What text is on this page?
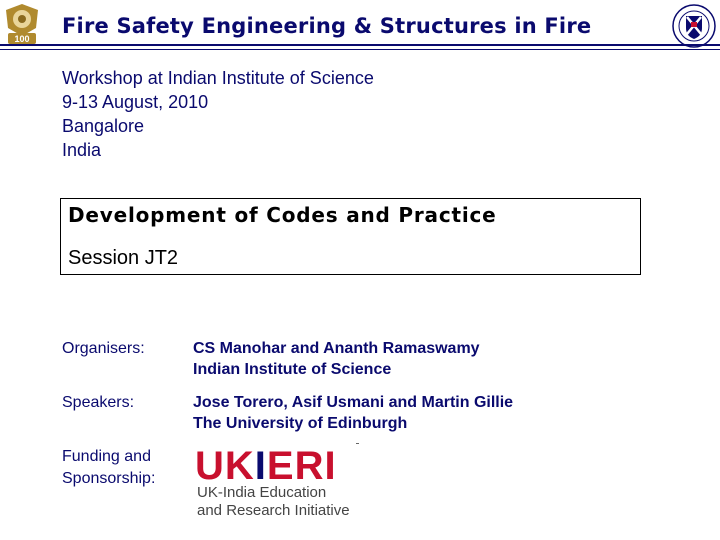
100
Fire Safety Engineering & Structures in Fire
Workshop at Indian Institute of Science
9-13 August, 2010
Bangalore
India
Development of Codes and Practice
Session JT2
Organisers:	CS Manohar and Ananth Ramaswamy
Indian Institute of Science
Speakers:	Jose Torero, Asif Usmani and Martin Gillie
The University of Edinburgh
Funding and
Sponsorship: UKIERI
UK-India Education
and Research Initiative
